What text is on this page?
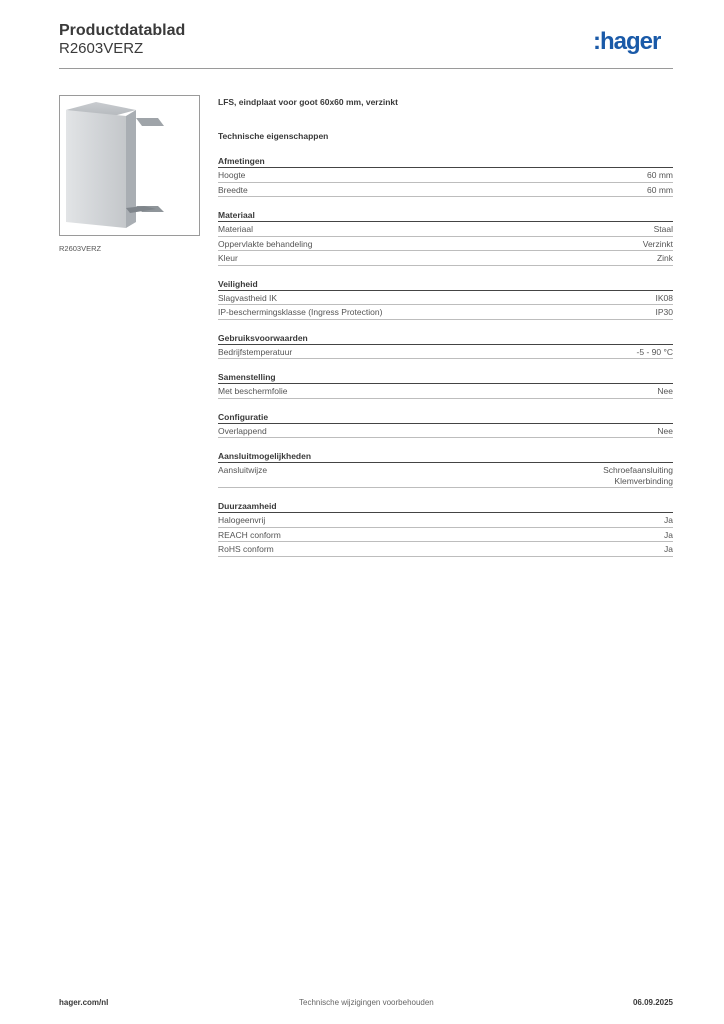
Productdatablad
R2603VERZ	:hager
R2603VERZ
LFS, eindplaat voor goot 60x60 mm, verzinkt
Technische eigenschappen
Afmetingen
Hoogte	60 mm
Breedte	60 mm
Materiaal
Materiaal	Staal
Oppervlakte behandeling	Verzinkt
Kleur	Zink
Veiligheid
Slagvastheid IK	IK08
IP-beschermingsklasse (Ingress Protection)	IP30
Gebruiksvoorwaarden
Bedrijfstemperatuur	-5 - 90 °C
Samenstelling
Met beschermfolie	Nee
Configuratie
Overlappend	Nee
Aansluitmogelijkheden
Aansluitwijze	Schroefaansluiting
Klemverbinding
Duurzaamheid
Halogeenvrij	Ja
REACH conform	Ja
RoHS conform	Ja
hager.com/nl	Technische wijzigingen voorbehouden	06.09.2025
